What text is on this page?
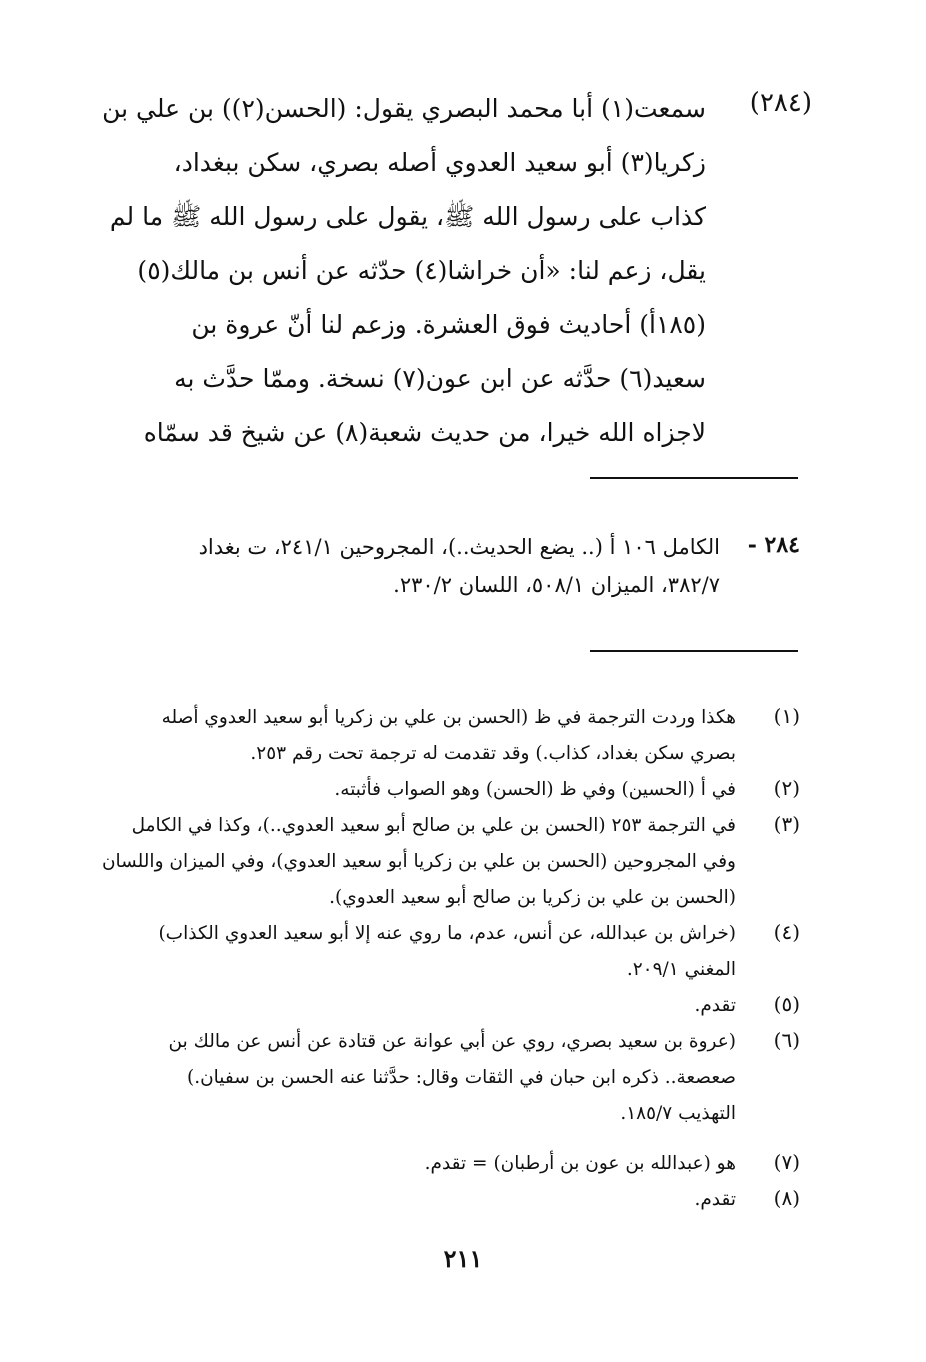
(٢٨٤)
سمعت(١) أبا محمد البصري يقول: (الحسن(٢)) بن علي بن
زكريا(٣) أبو سعيد العدوي أصله بصري، سكن ببغداد،
كذاب على رسول الله ﷺ، يقول على رسول الله ﷺ ما لم
يقل، زعم لنا: «أن خراشا(٤) حدّثه عن أنس بن مالك(٥)
(١٨٥أ) أحاديث فوق العشرة. وزعم لنا أنّ عروة بن
سعيد(٦) حدَّثه عن ابن عون(٧) نسخة. وممّا حدَّث به
لاجزاه الله خيرا، من حديث شعبة(٨) عن شيخ قد سمّاه
٢٨٤ -
الكامل ١٠٦ أ (.. يضع الحديث..)، المجروحين ٢٤١/١، ت بغداد
٣٨٢/٧، الميزان ٥٠٨/١، اللسان ٢٣٠/٢.
(١)
هكذا وردت الترجمة في ظ (الحسن بن علي بن زكريا أبو سعيد العدوي أصله
بصري سكن بغداد، كذاب.) وقد تقدمت له ترجمة تحت رقم ٢٥٣.
(٢)
في أ (الحسين) وفي ظ (الحسن) وهو الصواب فأثبته.
(٣)
في الترجمة ٢٥٣ (الحسن بن علي بن صالح أبو سعيد العدوي..)، وكذا في الكامل
وفي المجروحين (الحسن بن علي بن زكريا أبو سعيد العدوي)، وفي الميزان واللسان
(الحسن بن علي بن زكريا بن صالح أبو سعيد العدوي).
(٤)
(خراش بن عبدالله، عن أنس، عدم، ما روي عنه إلا أبو سعيد العدوي الكذاب)
المغني ٢٠٩/١.
(٥)
تقدم.
(٦)
(عروة بن سعيد بصري، روي عن أبي عوانة عن قتادة عن أنس عن مالك بن
صعصعة.. ذكره ابن حبان في الثقات وقال: حدَّثنا عنه الحسن بن سفيان.)
التهذيب ١٨٥/٧.
(٧)
هو (عبدالله بن عون بن أرطبان) = تقدم.
(٨)
تقدم.
٢١١
